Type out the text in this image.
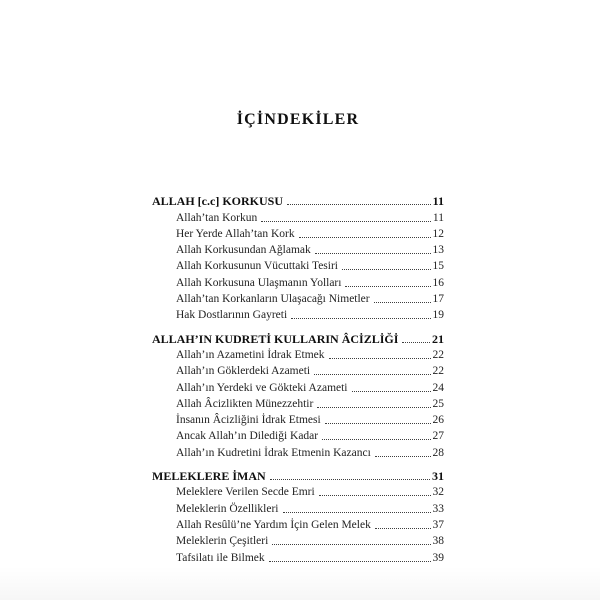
İÇİNDEKİLER
ALLAH [c.c] KORKUSU	11
Allah’tan Korkun	11
Her Yerde Allah’tan Kork	12
Allah Korkusundan Ağlamak	13
Allah Korkusunun Vücuttaki Tesiri	15
Allah Korkusuna Ulaşmanın Yolları	16
Allah’tan Korkanların Ulaşacağı Nimetler	17
Hak Dostlarının Gayreti	19
ALLAH’IN KUDRETİ KULLARIN ÂCİZLİĞİ	21
Allah’ın Azametini İdrak Etmek	22
Allah’ın Göklerdeki Azameti	22
Allah’ın Yerdeki ve Gökteki Azameti	24
Allah Âcizlikten Münezzehtir	25
İnsanın Âcizliğini İdrak Etmesi	26
Ancak Allah’ın Dilediği Kadar	27
Allah’ın Kudretini İdrak Etmenin Kazancı	28
MELEKLERE İMAN	31
Meleklere Verilen Secde Emri	32
Meleklerin Özellikleri	33
Allah Resûlü’ne Yardım İçin Gelen Melek	37
Meleklerin Çeşitleri	38
Tafsilatı ile Bilmek	39
